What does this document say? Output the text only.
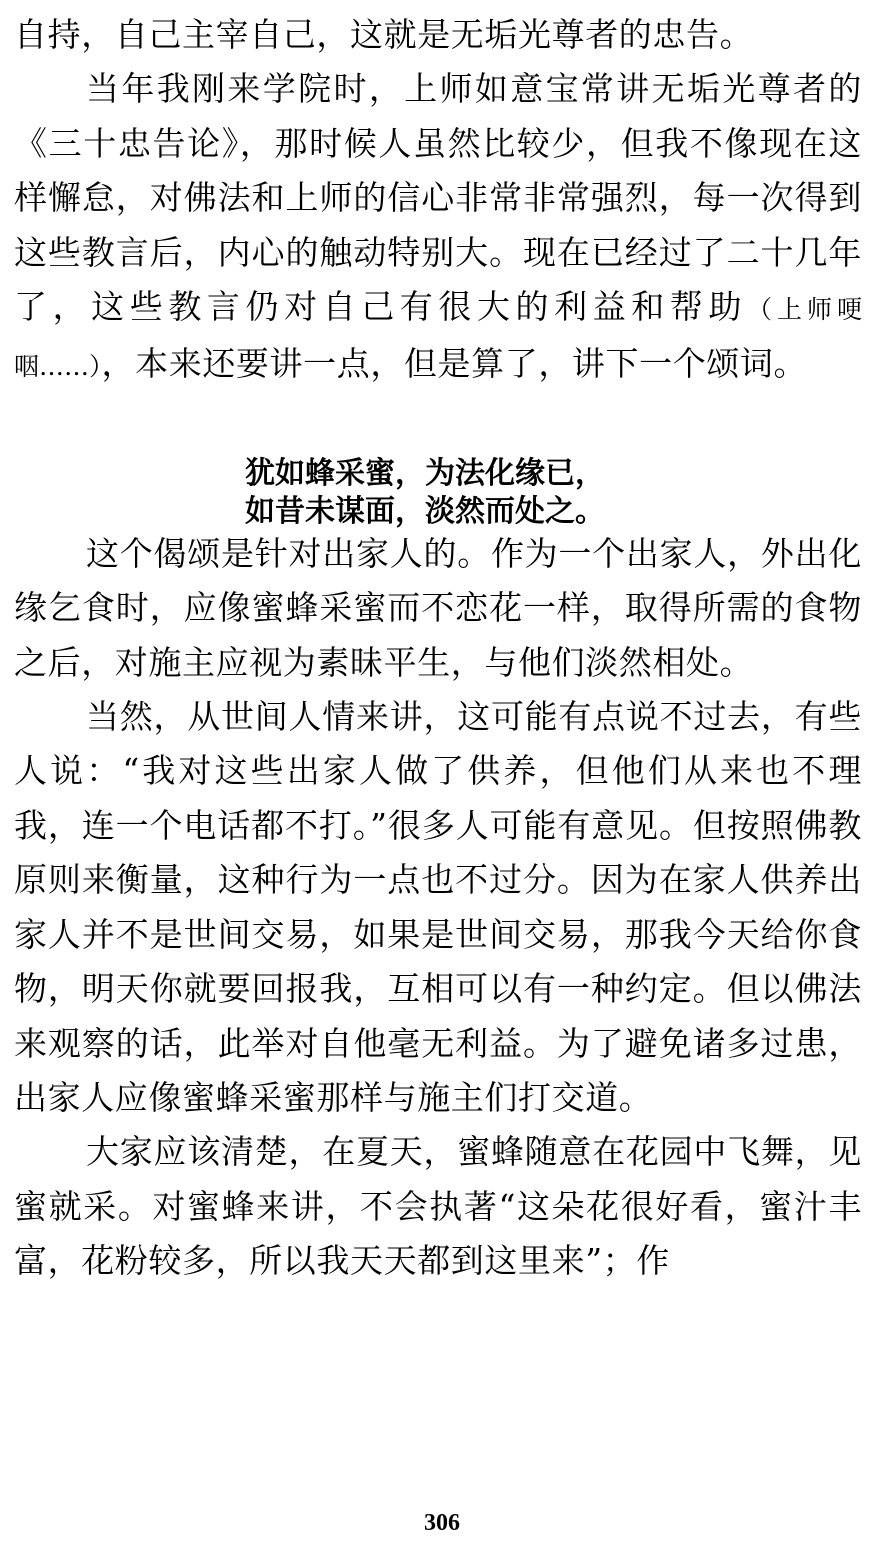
自持，自己主宰自己，这就是无垢光尊者的忠告。

当年我刚来学院时，上师如意宝常讲无垢光尊者的《三十忠告论》，那时候人虽然比较少，但我不像现在这样懈怠，对佛法和上师的信心非常非常强烈，每一次得到这些教言后，内心的触动特别大。现在已经过了二十几年了，这些教言仍对自己有很大的利益和帮助（上师哽咽……），本来还要讲一点，但是算了，讲下一个颂词。

犹如蜂采蜜，为法化缘已，
如昔未谋面，淡然而处之。

这个偈颂是针对出家人的。作为一个出家人，外出化缘乞食时，应像蜜蜂采蜜而不恋花一样，取得所需的食物之后，对施主应视为素昧平生，与他们淡然相处。

当然，从世间人情来讲，这可能有点说不过去，有些人说：“我对这些出家人做了供养，但他们从来也不理我，连一个电话都不打。”很多人可能有意见。但按照佛教原则来衡量，这种行为一点也不过分。因为在家人供养出家人并不是世间交易，如果是世间交易，那我今天给你食物，明天你就要回报我，互相可以有一种约定。但以佛法来观察的话，此举对自他毫无利益。为了避免诸多过患，出家人应像蜜蜂采蜜那样与施主们打交道。

大家应该清楚，在夏天，蜜蜂随意在花园中飞舞，见蜜就采。对蜜蜂来讲，不会执著“这朵花很好看，蜜汁丰富，花粉较多，所以我天天都到这里来”；作

306
